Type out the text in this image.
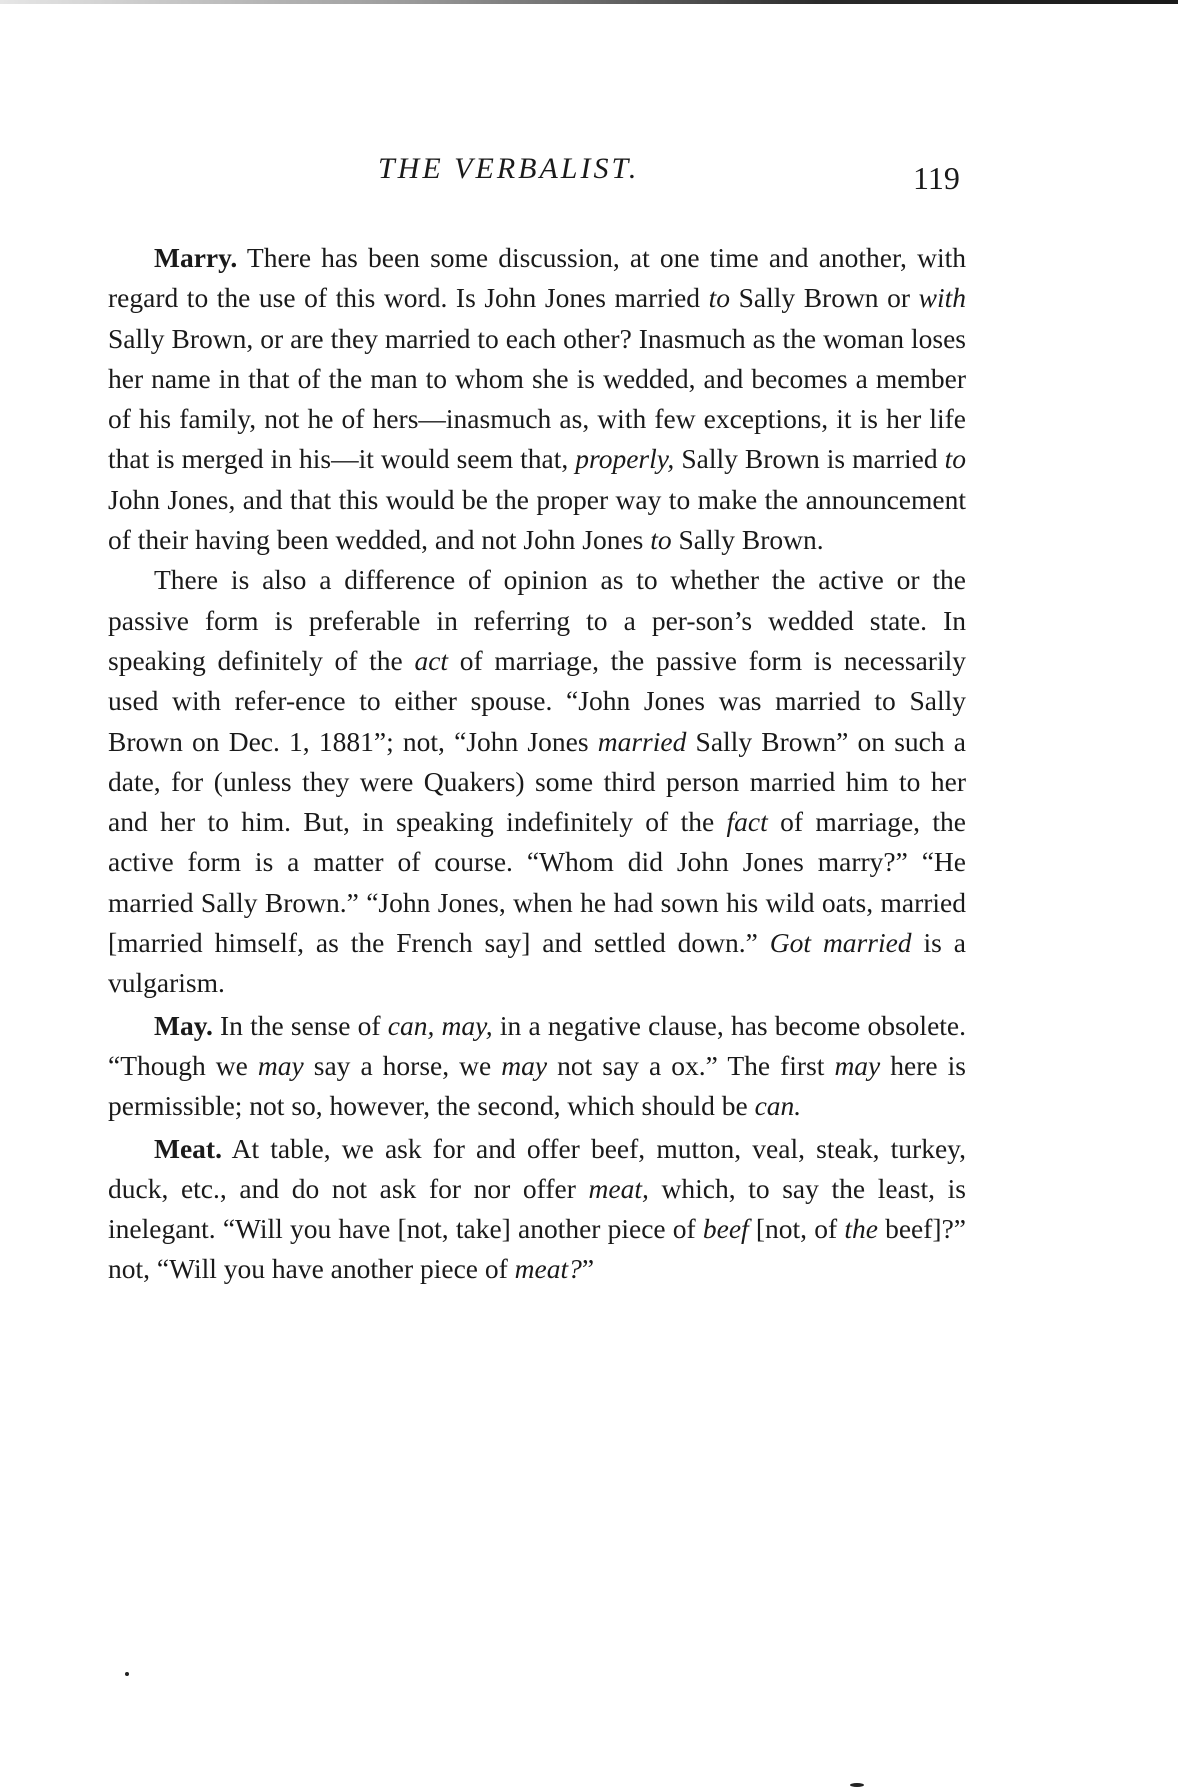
THE VERBALIST.	119

Marry. There has been some discussion, at one time and another, with regard to the use of this word. Is John Jones married to Sally Brown or with Sally Brown, or are they married to each other? Inasmuch as the woman loses her name in that of the man to whom she is wedded, and becomes a member of his family, not he of hers—inasmuch as, with few exceptions, it is her life that is merged in his—it would seem that, properly, Sally Brown is married to John Jones, and that this would be the proper way to make the announcement of their having been wedded, and not John Jones to Sally Brown.

There is also a difference of opinion as to whether the active or the passive form is preferable in referring to a per-son’s wedded state. In speaking definitely of the act of marriage, the passive form is necessarily used with refer-ence to either spouse. “John Jones was married to Sally Brown on Dec. 1, 1881”; not, “John Jones married Sally Brown” on such a date, for (unless they were Quakers) some third person married him to her and her to him. But, in speaking indefinitely of the fact of marriage, the active form is a matter of course. “Whom did John Jones marry?” “He married Sally Brown.” “John Jones, when he had sown his wild oats, married [married himself, as the French say] and settled down.” Got married is a vulgarism.

May. In the sense of can, may, in a negative clause, has become obsolete. “Though we may say a horse, we may not say a ox.” The first may here is permissible; not so, however, the second, which should be can.

Meat. At table, we ask for and offer beef, mutton, veal, steak, turkey, duck, etc., and do not ask for nor offer meat, which, to say the least, is inelegant. “Will you have [not, take] another piece of beef [not, of the beef]?” not, “Will you have another piece of meat?”
